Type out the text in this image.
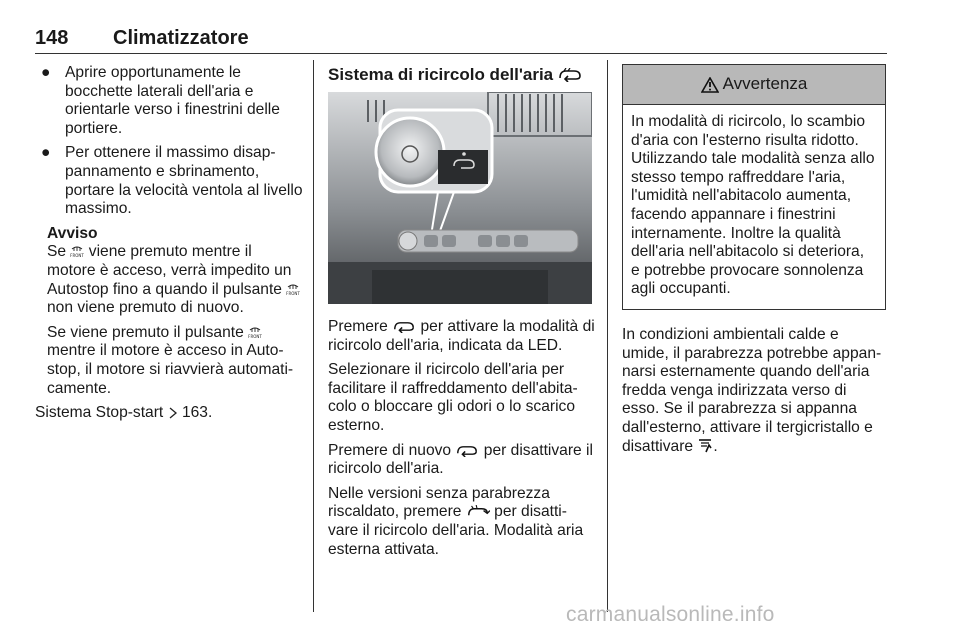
148 Climatizzatore
● Aprire opportunamente le bocchette laterali dell'aria e orientarle verso i finestrini delle portiere.
● Per ottenere il massimo disap-pannamento e sbrinamento, portare la velocità ventola al livello massimo.
Avviso
Se FRONT viene premuto mentre il motore è acceso, verrà impedito un Autostop fino a quando il pulsante FRONT
non viene premuto di nuovo.
Se viene premuto il pulsante FRONT
mentre il motore è acceso in Auto-stop, il motore si riavvierà automati-camente.
Sistema Stop-start 163.
Sistema di ricircolo dell'aria
Premere per attivare la modalità di ricircolo dell'aria, indicata da LED.
Selezionare il ricircolo dell'aria per facilitare il raffreddamento dell'abita-colo o bloccare gli odori o lo scarico esterno.
Premere di nuovo per disattivare il ricircolo dell'aria.
Nelle versioni senza parabrezza riscaldato, premere per disatti-vare il ricircolo dell'aria. Modalità aria esterna attivata.
Avvertenza
In modalità di ricircolo, lo scambio d'aria con l'esterno risulta ridotto. Utilizzando tale modalità senza allo stesso tempo raffreddare l'aria, l'umidità nell'abitacolo aumenta, facendo appannare i finestrini internamente. Inoltre la qualità dell'aria nell'abitacolo si deteriora, e potrebbe provocare sonnolenza agli occupanti.
In condizioni ambientali calde e umide, il parabrezza potrebbe appan-narsi esternamente quando dell'aria fredda venga indirizzata verso di esso. Se il parabrezza si appanna dall'esterno, attivare il tergicristallo e disattivare .
carmanualsonline.info
